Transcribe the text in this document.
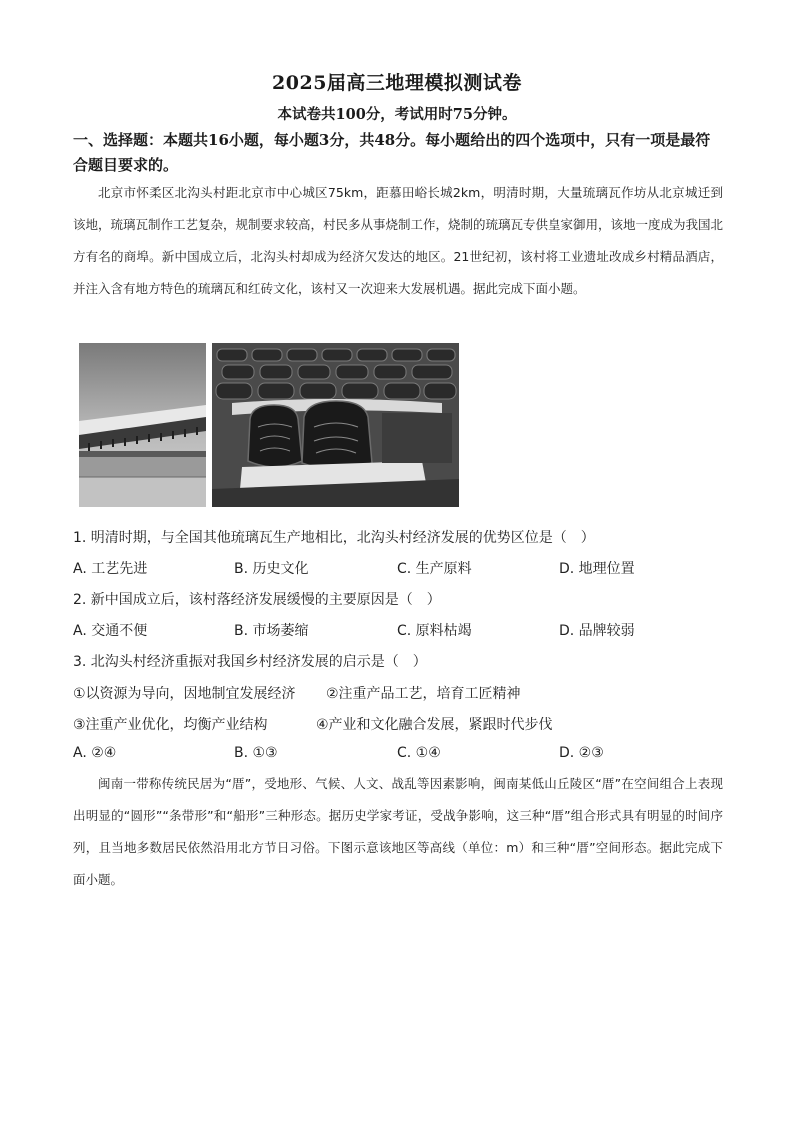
2025届高三地理模拟测试卷
本试卷共100分，考试用时75分钟。
一、选择题：本题共16小题，每小题3分，共48分。每小题给出的四个选项中，只有一项是最符合题目要求的。
北京市怀柔区北沟头村距北京市中心城区75km，距慕田峪长城2km，明清时期，大量琉璃瓦作坊从北京城迁到该地，琉璃瓦制作工艺复杂，规制要求较高，村民多从事烧制工作，烧制的琉璃瓦专供皇家御用，该地一度成为我国北方有名的商埠。新中国成立后，北沟头村却成为经济欠发达的地区。21世纪初，该村将工业遗址改成乡村精品酒店，并注入含有地方特色的琉璃瓦和红砖文化，该村又一次迎来大发展机遇。据此完成下面小题。
1. 明清时期，与全国其他琉璃瓦生产地相比，北沟头村经济发展的优势区位是（　）
A. 工艺先进	B. 历史文化	C. 生产原料	D. 地理位置
2. 新中国成立后，该村落经济发展缓慢的主要原因是（　）
A. 交通不便	B. 市场萎缩	C. 原料枯竭	D. 品牌较弱
3. 北沟头村经济重振对我国乡村经济发展的启示是（　）
①以资源为导向，因地制宜发展经济 ②注重产品工艺，培育工匠精神
③注重产业优化，均衡产业结构	④产业和文化融合发展，紧跟时代步伐
A. ②④	B. ①③	C. ①④	D. ②③
闽南一带称传统民居为“厝”，受地形、气候、人文、战乱等因素影响，闽南某低山丘陵区“厝”在空间组合上表现出明显的“圆形”“条带形”和“船形”三种形态。据历史学家考证，受战争影响，这三种“厝”组合形式具有明显的时间序列，且当地多数居民依然沿用北方节日习俗。下图示意该地区等高线（单位：m）和三种“厝”空间形态。据此完成下面小题。
